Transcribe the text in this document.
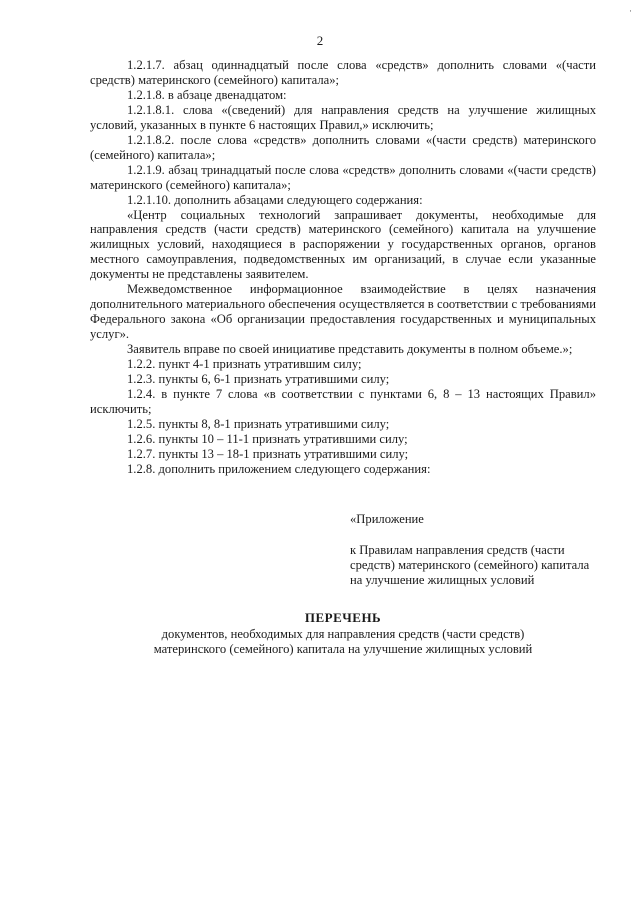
·
2

1.2.1.7. абзац одиннадцатый после слова «средств» дополнить словами «(части средств) материнского (семейного) капитала»;

1.2.1.8. в абзаце двенадцатом:

1.2.1.8.1. слова «(сведений) для направления средств на улучшение жилищных условий, указанных в пункте 6 настоящих Правил,» исключить;

1.2.1.8.2. после слова «средств» дополнить словами «(части средств) материнского (семейного) капитала»;

1.2.1.9. абзац тринадцатый после слова «средств» дополнить словами «(части средств) материнского (семейного) капитала»;

1.2.1.10. дополнить абзацами следующего содержания:

«Центр социальных технологий запрашивает документы, необходимые для направления средств (части средств) материнского (семейного) капитала на улучшение жилищных условий, находящиеся в распоряжении у государственных органов, органов местного самоуправления, подведомственных им организаций, в случае если указанные документы не представлены заявителем.

Межведомственное информационное взаимодействие в целях назначения дополнительного материального обеспечения осуществляется в соответствии с требованиями Федерального закона «Об организации предоставления государственных и муниципальных услуг».

Заявитель вправе по своей инициативе представить документы в полном объеме.»;

1.2.2. пункт 4-1 признать утратившим силу;

1.2.3. пункты 6, 6-1 признать утратившими силу;

1.2.4. в пункте 7 слова «в соответствии с пунктами 6, 8 – 13 настоящих Правил» исключить;

1.2.5. пункты 8, 8-1 признать утратившими силу;

1.2.6. пункты 10 – 11-1 признать утратившими силу;

1.2.7. пункты 13 – 18-1 признать утратившими силу;

1.2.8. дополнить приложением следующего содержания:

«Приложение

к Правилам направления средств (части средств) материнского (семейного) капитала на улучшение жилищных условий

ПЕРЕЧЕНЬ

документов, необходимых для направления средств (части средств) материнского (семейного) капитала на улучшение жилищных условий
